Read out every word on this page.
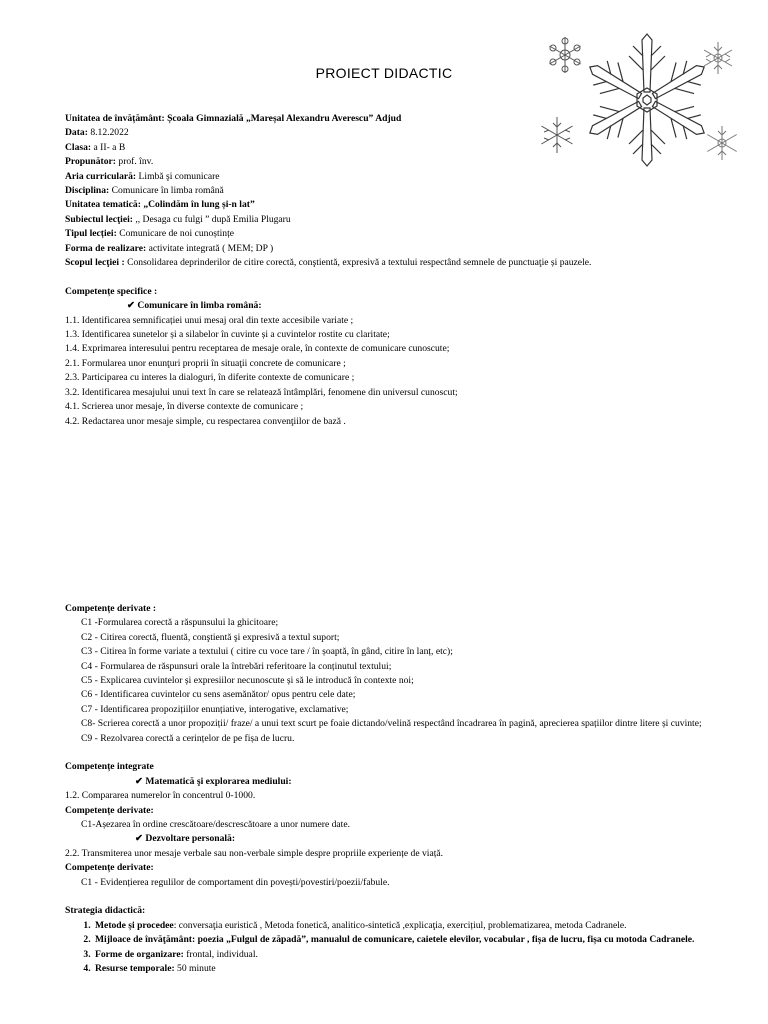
PROIECT DIDACTIC

Unitatea de învățământ: Școala Gimnazială „Mareșal Alexandru Averescu” Adjud

Data: 8.12.2022

Clasa: a II- a B

Propunător: prof. înv.

Aria curriculară: Limbă şi comunicare

Disciplina: Comunicare în limba română

Unitatea tematică: „Colindăm în lung și-n lat”

Subiectul lecţiei: ,, Desaga cu fulgi ” după Emilia Plugaru

Tipul lecției: Comunicare de noi cunoștințe

Forma de realizare: activitate integrată ( MEM; DP )

Scopul lecţiei : Consolidarea deprinderilor de citire corectă, conştientă, expresivă a textului respectând semnele de punctuaţie și pauzele.

Competențe specifice :

✔ Comunicare în limba română:

1.1. Identificarea semnificației unui mesaj oral din texte accesibile variate ;

1.3. Identificarea sunetelor și a silabelor în cuvinte și a cuvintelor rostite cu claritate;

1.4. Exprimarea interesului pentru receptarea de mesaje orale, în contexte de comunicare cunoscute;

2.1. Formularea unor enunţuri proprii în situaţii concrete de comunicare ;

2.3. Participarea cu interes la dialoguri, în diferite contexte de comunicare ;

3.2. Identificarea mesajului unui text în care se relatează întâmplări, fenomene din universul cunoscut;

4.1. Scrierea unor mesaje, în diverse contexte de comunicare ;

4.2. Redactarea unor mesaje simple, cu respectarea convenţiilor de bază .

Competențe derivate :

C1 -Formularea corectă a răspunsului la ghicitoare;

C2 - Citirea corectă, fluentă, conştientă şi expresivă a textul suport;

C3 - Citirea în forme variate a textului ( citire cu voce tare / în șoaptă, în gând, citire în lanț, etc);

C4 - Formularea de răspunsuri orale la întrebări referitoare la conținutul textului;

C5 - Explicarea cuvintelor și expresiilor necunoscute și să le introducă în contexte noi;

C6 - Identificarea cuvintelor cu sens asemănător/ opus pentru cele date;

C7 - Identificarea propozițiilor enunțiative, interogative, exclamative;

C8- Scrierea corectă a unor propoziții/ fraze/ a unui text scurt pe foaie dictando/velină respectând încadrarea în pagină, aprecierea spațiilor dintre litere și cuvinte;

C9 - Rezolvarea corectă a cerințelor de pe fișa de lucru.

Competențe integrate

✔ Matematică şi explorarea mediului:

1.2. Compararea numerelor în concentrul 0-1000.

Competențe derivate:

C1-Așezarea în ordine crescătoare/descrescătoare a unor numere date.

✔ Dezvoltare personală:

2.2. Transmiterea unor mesaje verbale sau non-verbale simple despre propriile experiențe de viață.

Competențe derivate:

C1 - Evidențierea regulilor de comportament din povești/povestiri/poezii/fabule.

Strategia didactică:

1. Metode și procedee: conversaţia euristică , Metoda fonetică, analitico-sintetică ,explicaţia, exercițiul, problematizarea, metoda Cadranele.
2. Mijloace de învăţământ: poezia „Fulgul de zăpadă”, manualul de comunicare, caietele elevilor, vocabular , fișa de lucru, fișa cu motoda Cadranele.
3. Forme de organizare: frontal, individual.
4. Resurse temporale: 50 minute
